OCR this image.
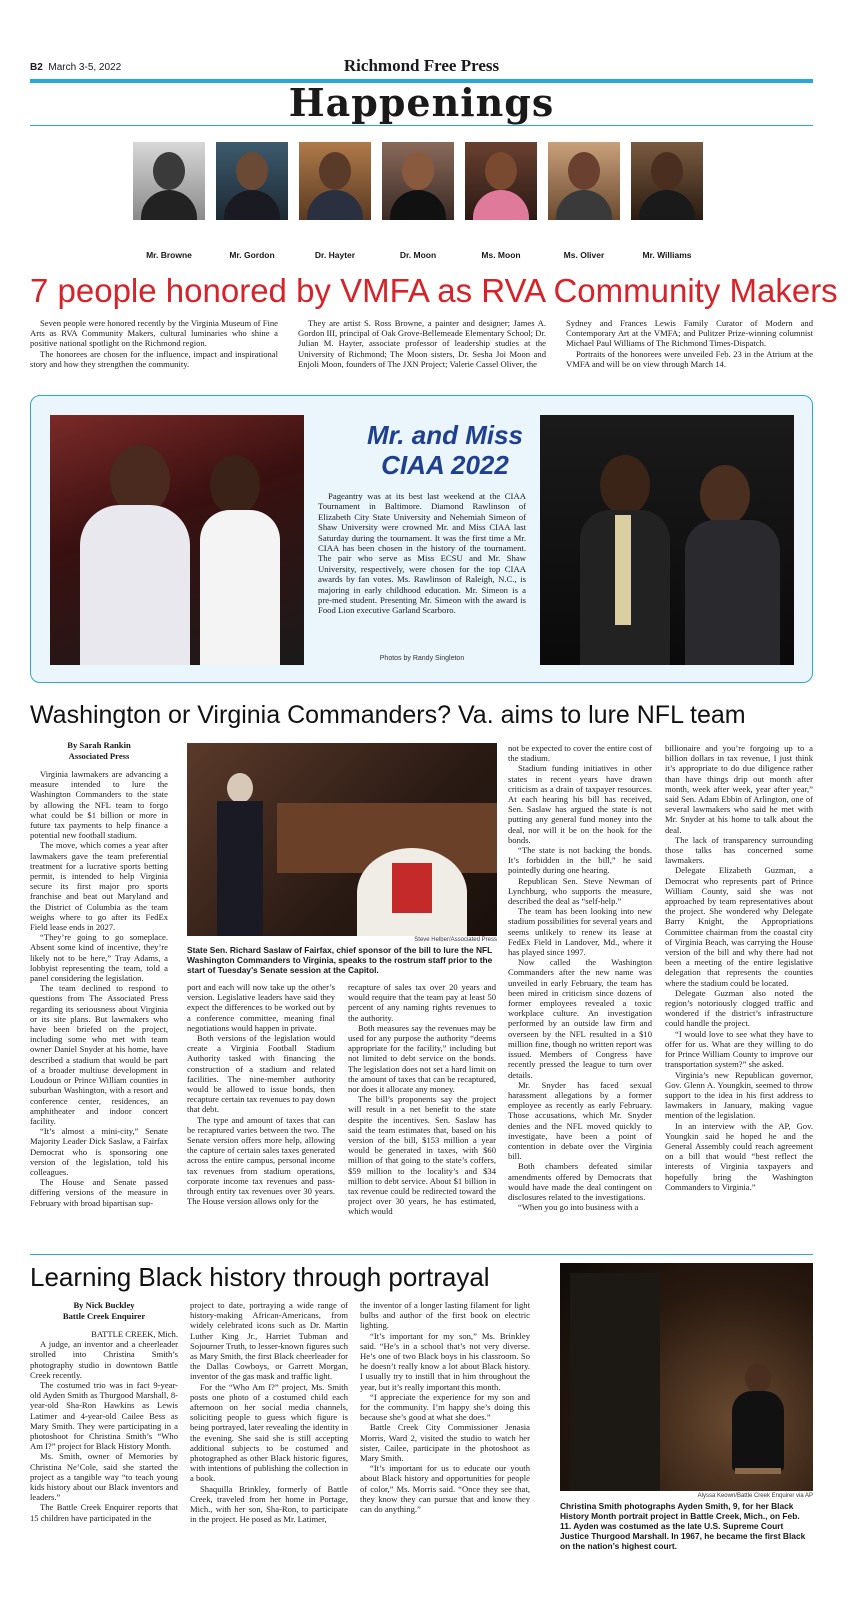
B2 March 3-5, 2022	Richmond Free Press
Happenings
Mr. Browne	Mr. Gordon	Dr. Hayter	Dr. Moon	Ms. Moon	Ms. Oliver	Mr. Williams
7 people honored by VMFA as RVA Community Makers

Seven people were honored recently by the Virginia Museum of Fine Arts as RVA Community Makers, cultural luminaries who shine a positive national spotlight on the Richmond region.

The honorees are chosen for the influence, impact and inspirational story and how they strengthen the community.

They are artist S. Ross Browne, a painter and designer; James A. Gordon III, principal of Oak Grove-Bellemeade Elementary School; Dr. Julian M. Hayter, associate professor of leadership studies at the University of Richmond; The Moon sisters, Dr. Sesha Joi Moon and Enjoli Moon, founders of The JXN Project; Valerie Cassel Oliver, the

Sydney and Frances Lewis Family Curator of Modern and Contemporary Art at the VMFA; and Pulitzer Prize-winning columnist Michael Paul Williams of The Richmond Times-Dispatch.

Portraits of the honorees were unveiled Feb. 23 in the Atrium at the VMFA and will be on view through March 14.

Mr. and Miss
CIAA 2022

Pageantry was at its best last weekend at the CIAA Tournament in Baltimore. Diamond Rawlinson of Elizabeth City State University and Nehemiah Simeon of Shaw University were crowned Mr. and Miss CIAA last Saturday during the tournament. It was the first time a Mr. CIAA has been chosen in the history of the tournament. The pair who serve as Miss ECSU and Mr. Shaw University, respectively, were chosen for the top CIAA awards by fan votes. Ms. Rawlinson of Raleigh, N.C., is majoring in early childhood education. Mr. Simeon is a pre-med student. Presenting Mr. Simeon with the award is Food Lion executive Garland Scarboro.

Photos by Randy Singleton
Washington or Virginia Commanders? Va. aims to lure NFL team
By Sarah Rankin
Associated Press

Virginia lawmakers are advancing a measure intended to lure the Washington Commanders to the state by allowing the NFL team to forgo what could be $1 billion or more in future tax payments to help finance a potential new football stadium.

The move, which comes a year after lawmakers gave the team preferential treatment for a lucrative sports betting permit, is intended to help Virginia secure its first major pro sports franchise and beat out Maryland and the District of Columbia as the team weighs where to go after its FedEx Field lease ends in 2027.

“They’re going to go someplace. Absent some kind of incentive, they’re likely not to be here,” Tray Adams, a lobbyist representing the team, told a panel considering the legislation.

The team declined to respond to questions from The Associated Press regarding its seriousness about Virginia or its site plans. But lawmakers who have been briefed on the project, including some who met with team owner Daniel Snyder at his home, have described a stadium that would be part of a broader multiuse development in Loudoun or Prince William counties in suburban Washington, with a resort and conference center, residences, an amphitheater and indoor concert facility.

“It’s almost a mini-city,” Senate Majority Leader Dick Saslaw, a Fairfax Democrat who is sponsoring one version of the legislation, told his colleagues.

The House and Senate passed differing versions of the measure in February with broad bipartisan sup-

Steve Helber/Associated Press
State Sen. Richard Saslaw of Fairfax, chief sponsor of the bill to lure the NFL Washington Commanders to Virginia, speaks to the rostrum staff prior to the start of Tuesday's Senate session at the Capitol.

port and each will now take up the other’s version. Legislative leaders have said they expect the differences to be worked out by a conference committee, meaning final negotiations would happen in private.

Both versions of the legislation would create a Virginia Football Stadium Authority tasked with financing the construction of a stadium and related facilities. The nine-member authority would be allowed to issue bonds, then recapture certain tax revenues to pay down that debt.

The type and amount of taxes that can be recaptured varies between the two. The Senate version offers more help, allowing the capture of certain sales taxes generated across the entire campus, personal income tax revenues from stadium operations, corporate income tax revenues and pass-through entity tax revenues over 30 years. The House version allows only for the

recapture of sales tax over 20 years and would require that the team pay at least 50 percent of any naming rights revenues to the authority.

Both measures say the revenues may be used for any purpose the authority “deems appropriate for the facility,” including but not limited to debt service on the bonds. The legislation does not set a hard limit on the amount of taxes that can be recaptured, nor does it allocate any money.

The bill’s proponents say the project will result in a net benefit to the state despite the incentives. Sen. Saslaw has said the team estimates that, based on his version of the bill, $153 million a year would be generated in taxes, with $60 million of that going to the state’s coffers, $59 million to the locality’s and $34 million to debt service. About $1 billion in tax revenue could be redirected toward the project over 30 years, he has estimated, which would

not be expected to cover the entire cost of the stadium.

Stadium funding initiatives in other states in recent years have drawn criticism as a drain of taxpayer resources. At each hearing his bill has received, Sen. Saslaw has argued the state is not putting any general fund money into the deal, nor will it be on the hook for the bonds.

“The state is not backing the bonds. It’s forbidden in the bill,” he said pointedly during one hearing.

Republican Sen. Steve Newman of Lynchburg, who supports the measure, described the deal as “self-help.”

The team has been looking into new stadium possibilities for several years and seems unlikely to renew its lease at FedEx Field in Landover, Md., where it has played since 1997.

Now called the Washington Commanders after the new name was unveiled in early February, the team has been mired in criticism since dozens of former employees revealed a toxic workplace culture. An investigation performed by an outside law firm and overseen by the NFL resulted in a $10 million fine, though no written report was issued. Members of Congress have recently pressed the league to turn over details.

Mr. Snyder has faced sexual harassment allegations by a former employee as recently as early February. Those accusations, which Mr. Snyder denies and the NFL moved quickly to investigate, have been a point of contention in debate over the Virginia bill.

Both chambers defeated similar amendments offered by Democrats that would have made the deal contingent on disclosures related to the investigations.

“When you go into business with a

billionaire and you’re forgoing up to a billion dollars in tax revenue, I just think it’s appropriate to do due diligence rather than have things drip out month after month, week after week, year after year,” said Sen. Adam Ebbin of Arlington, one of several lawmakers who said he met with Mr. Snyder at his home to talk about the deal.

The lack of transparency surrounding those talks has concerned some lawmakers.

Delegate Elizabeth Guzman, a Democrat who represents part of Prince William County, said she was not approached by team representatives about the project. She wondered why Delegate Barry Knight, the Appropriations Committee chairman from the coastal city of Virginia Beach, was carrying the House version of the bill and why there had not been a meeting of the entire legislative delegation that represents the counties where the stadium could be located.

Delegate Guzman also noted the region’s notoriously clogged traffic and wondered if the district’s infrastructure could handle the project.

“I would love to see what they have to offer for us. What are they willing to do for Prince William County to improve our transportation system?” she asked.

Virginia’s new Republican governor, Gov. Glenn A. Youngkin, seemed to throw support to the idea in his first address to lawmakers in January, making vague mention of the legislation.

In an interview with the AP, Gov. Youngkin said he hoped he and the General Assembly could reach agreement on a bill that would “best reflect the interests of Virginia taxpayers and hopefully bring the Washington Commanders to Virginia.”

Learning Black history through portrayal
By Nick Buckley
Battle Creek Enquirer

BATTLE CREEK, Mich.

A judge, an inventor and a cheerleader strolled into Christina Smith’s photography studio in downtown Battle Creek recently.

The costumed trio was in fact 9-year-old Ayden Smith as Thurgood Marshall, 8-year-old Sha-Ron Hawkins as Lewis Latimer and 4-year-old Cailee Bess as Mary Smith. They were participating in a photoshoot for Christina Smith’s “Who Am I?” project for Black History Month.

Ms. Smith, owner of Memories by Christina Ne’Cole, said she started the project as a tangible way “to teach young kids history about our Black inventors and leaders.”

The Battle Creek Enquirer reports that 15 children have participated in the

project to date, portraying a wide range of history-making African-Americans, from widely celebrated icons such as Dr. Martin Luther King Jr., Harriet Tubman and Sojourner Truth, to lesser-known figures such as Mary Smith, the first Black cheerleader for the Dallas Cowboys, or Garrett Morgan, inventor of the gas mask and traffic light.

For the “Who Am I?” project, Ms. Smith posts one photo of a costumed child each afternoon on her social media channels, soliciting people to guess which figure is being portrayed, later revealing the identity in the evening. She said she is still accepting additional subjects to be costumed and photographed as other Black historic figures, with intentions of publishing the collection in a book.

Shaquilla Brinkley, formerly of Battle Creek, traveled from her home in Portage, Mich., with her son, Sha-Ron, to participate in the project. He posed as Mr. Latimer,

the inventor of a longer lasting filament for light bulbs and author of the first book on electric lighting.

“It’s important for my son,” Ms. Brinkley said. “He’s in a school that’s not very diverse. He’s one of two Black boys in his classroom. So he doesn’t really know a lot about Black history. I usually try to instill that in him throughout the year, but it’s really important this month.

“I appreciate the experience for my son and for the community. I’m happy she’s doing this because she’s good at what she does.”

Battle Creek City Commissioner Jenasia Morris, Ward 2, visited the studio to watch her sister, Cailee, participate in the photoshoot as Mary Smith.

“It’s important for us to educate our youth about Black history and opportunities for people of color,” Ms. Morris said. “Once they see that, they know they can pursue that and know they can do anything.”

Alyssa Keown/Battle Creek Enquirer via AP
Christina Smith photographs Ayden Smith, 9, for her Black History Month portrait project in Battle Creek, Mich., on Feb. 11. Ayden was costumed as the late U.S. Supreme Court Justice Thurgood Marshall. In 1967, he became the first Black on the nation’s highest court.
